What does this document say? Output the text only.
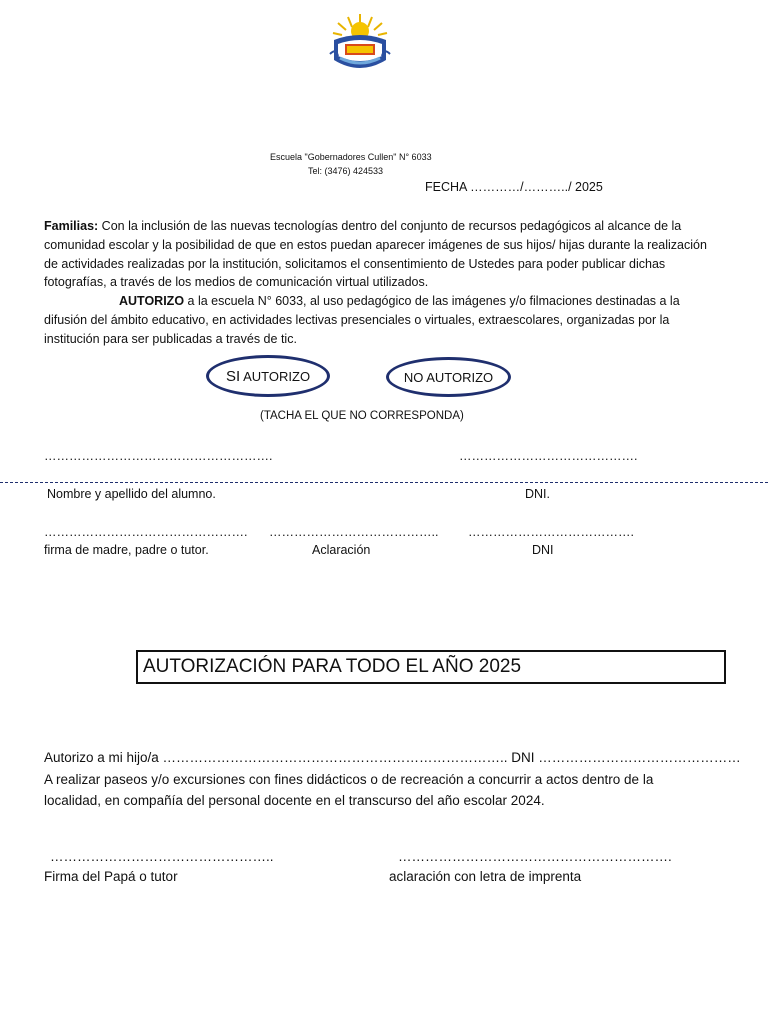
Escuela "Gobernadores Cullen" N° 6033
Tel: (3476) 424533
FECHA …………/………../ 2025
Familias: Con la inclusión de las nuevas tecnologías dentro del conjunto de recursos pedagógicos al alcance de la comunidad escolar y la posibilidad de que en estos puedan aparecer imágenes de sus hijos/ hijas durante la realización de actividades realizadas por la institución, solicitamos el consentimiento de Ustedes para poder publicar dichas fotografías, a través de los medios de comunicación virtual utilizados.
AUTORIZO a la escuela N° 6033, al uso pedagógico de las imágenes y/o filmaciones destinadas a la difusión del ámbito educativo, en actividades lectivas presenciales o virtuales, extraescolares, organizadas por la institución para ser publicadas a través de tic.
SI AUTORIZO	NO AUTORIZO
(TACHA EL QUE NO CORRESPONDA)
……………………………………………….	…………………………………….
Nombre y apellido del alumno.	DNI.
…………………………………………. ………………………………….. ………………………………….
firma de madre, padre o tutor.	Aclaración	DNI
AUTORIZACIÓN PARA TODO EL AÑO 2025
Autorizo a mi hijo/a ………………………………………………………………….. DNI ………………………………………
A realizar paseos y/o excursiones con fines didácticos o de recreación a concurrir a actos dentro de la localidad, en compañía del personal docente en el transcurso del año escolar 2024.
…………………………………………..	…………………………………………………….
Firma del Papá o tutor	aclaración con letra de imprenta
